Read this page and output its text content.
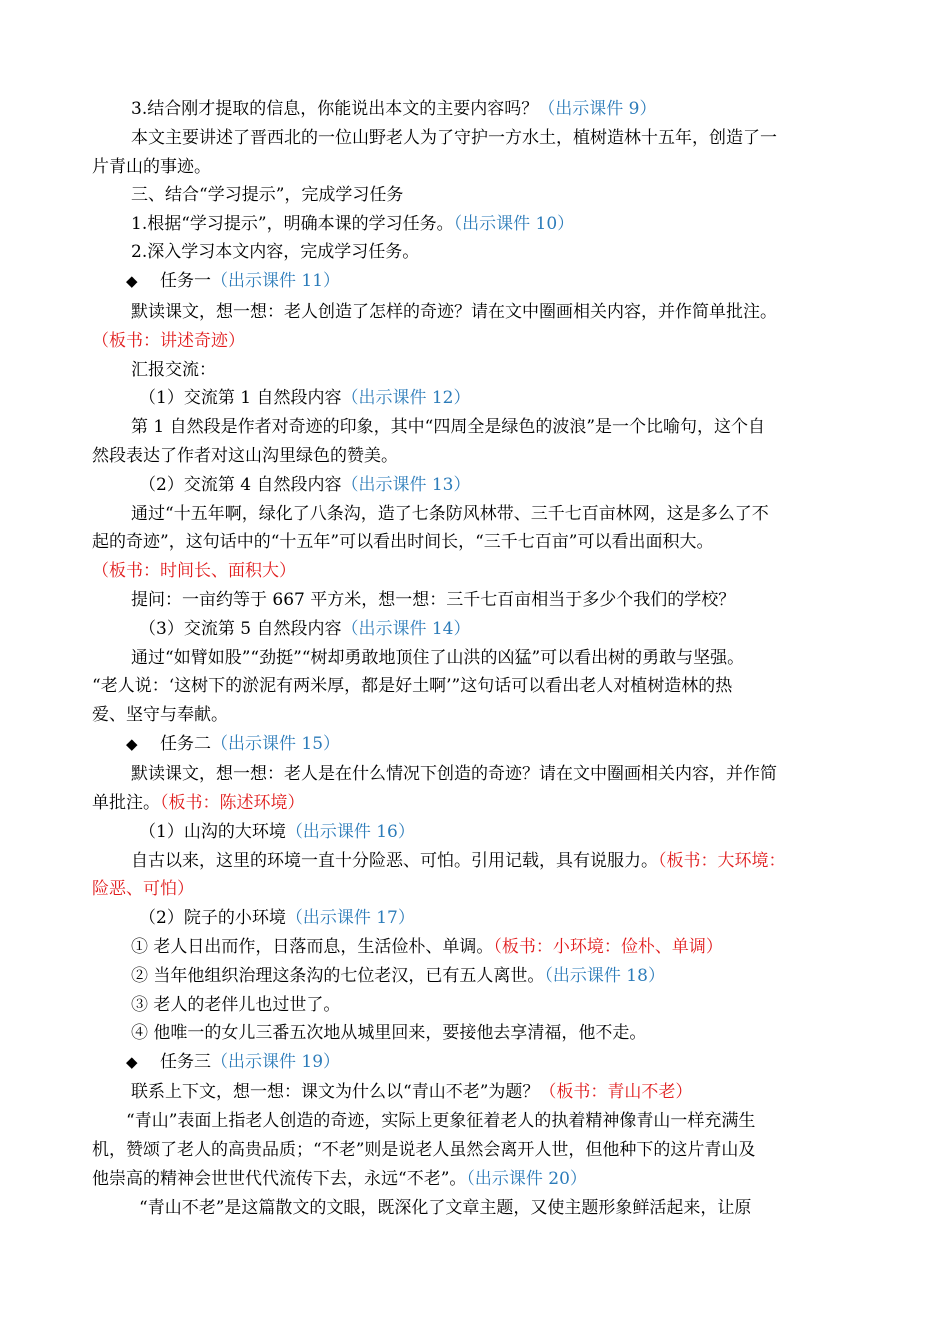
3.结合刚才提取的信息，你能说出本文的主要内容吗？（出示课件 9）
本文主要讲述了晋西北的一位山野老人为了守护一方水土，植树造林十五年，创造了一
片青山的事迹。
三、结合“学习提示”，完成学习任务
1.根据“学习提示”，明确本课的学习任务。（出示课件 10）
2.深入学习本文内容，完成学习任务。
◆ 任务一（出示课件 11）
默读课文，想一想：老人创造了怎样的奇迹？请在文中圈画相关内容，并作简单批注。
（板书：讲述奇迹）
汇报交流：
（1）交流第 1 自然段内容（出示课件 12）
第 1 自然段是作者对奇迹的印象，其中“四周全是绿色的波浪”是一个比喻句，这个自
然段表达了作者对这山沟里绿色的赞美。
（2）交流第 4 自然段内容（出示课件 13）
通过“十五年啊，绿化了八条沟，造了七条防风林带、三千七百亩林网，这是多么了不
起的奇迹”，这句话中的“十五年”可以看出时间长，“三千七百亩”可以看出面积大。
（板书：时间长、面积大）
提问：一亩约等于 667 平方米，想一想：三千七百亩相当于多少个我们的学校？
（3）交流第 5 自然段内容（出示课件 14）
通过“如臂如股”“劲挺”“树却勇敢地顶住了山洪的凶猛”可以看出树的勇敢与坚强。
“老人说：‘这树下的淤泥有两米厚，都是好土啊’”这句话可以看出老人对植树造林的热
爱、坚守与奉献。
◆ 任务二（出示课件 15）
默读课文，想一想：老人是在什么情况下创造的奇迹？请在文中圈画相关内容，并作简
单批注。（板书：陈述环境）
（1）山沟的大环境（出示课件 16）
自古以来，这里的环境一直十分险恶、可怕。引用记载，具有说服力。（板书：大环境：
险恶、可怕）
（2）院子的小环境（出示课件 17）
① 老人日出而作，日落而息，生活俭朴、单调。（板书：小环境：俭朴、单调）
② 当年他组织治理这条沟的七位老汉，已有五人离世。（出示课件 18）
③ 老人的老伴儿也过世了。
④ 他唯一的女儿三番五次地从城里回来，要接他去享清福，他不走。
◆ 任务三（出示课件 19）
联系上下文，想一想：课文为什么以“青山不老”为题？（板书：青山不老）
“青山”表面上指老人创造的奇迹，实际上更象征着老人的执着精神像青山一样充满生
机，赞颂了老人的高贵品质；“不老”则是说老人虽然会离开人世，但他种下的这片青山及
他崇高的精神会世世代代流传下去，永远“不老”。（出示课件 20）
“青山不老”是这篇散文的文眼，既深化了文章主题，又使主题形象鲜活起来，让原
